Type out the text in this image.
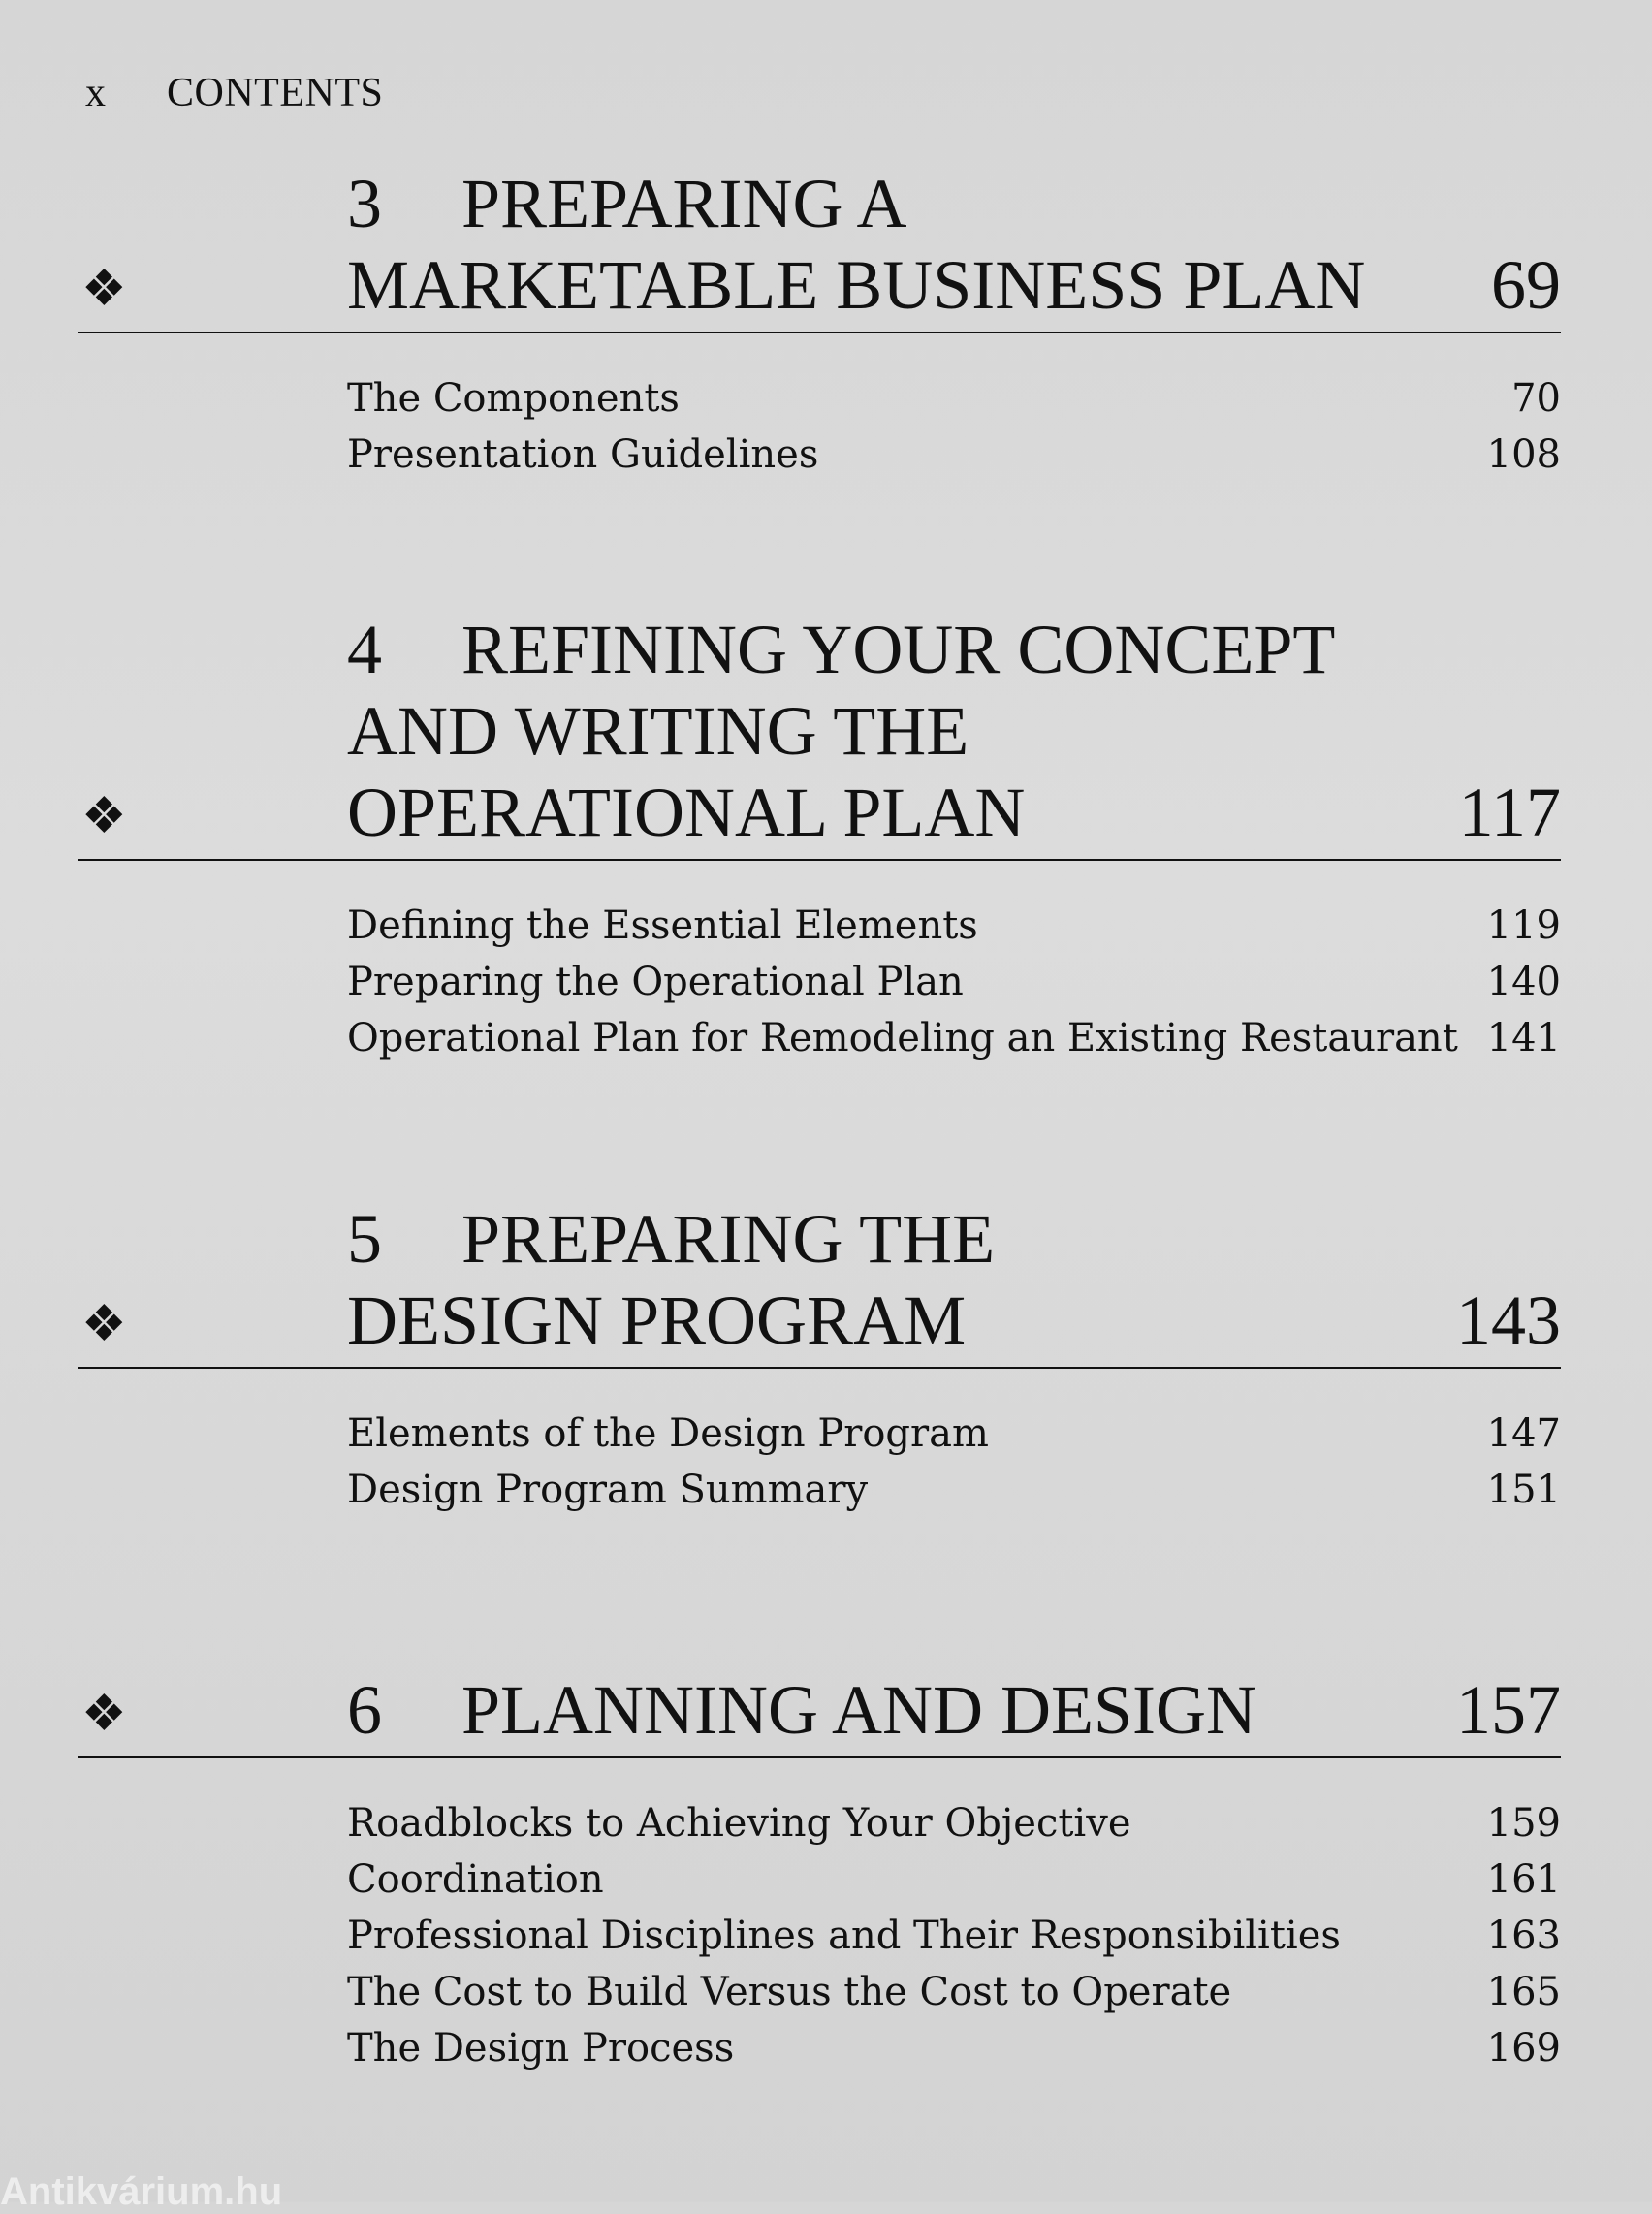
x CONTENTS
❖
3 PREPARING A
MARKETABLE BUSINESS PLAN	69
The Components	70
Presentation Guidelines	108
❖
4 REFINING YOUR CONCEPT
AND WRITING THE
OPERATIONAL PLAN	117
Defining the Essential Elements	119
Preparing the Operational Plan	140
Operational Plan for Remodeling an Existing Restaurant 141
❖
5 PREPARING THE
DESIGN PROGRAM	143
Elements of the Design Program	147
Design Program Summary	151
❖	6 PLANNING AND DESIGN	157
Roadblocks to Achieving Your Objective	159
Coordination	161
Professional Disciplines and Their Responsibilities	163
The Cost to Build Versus the Cost to Operate	165
The Design Process	169
Antikvárium.hu
